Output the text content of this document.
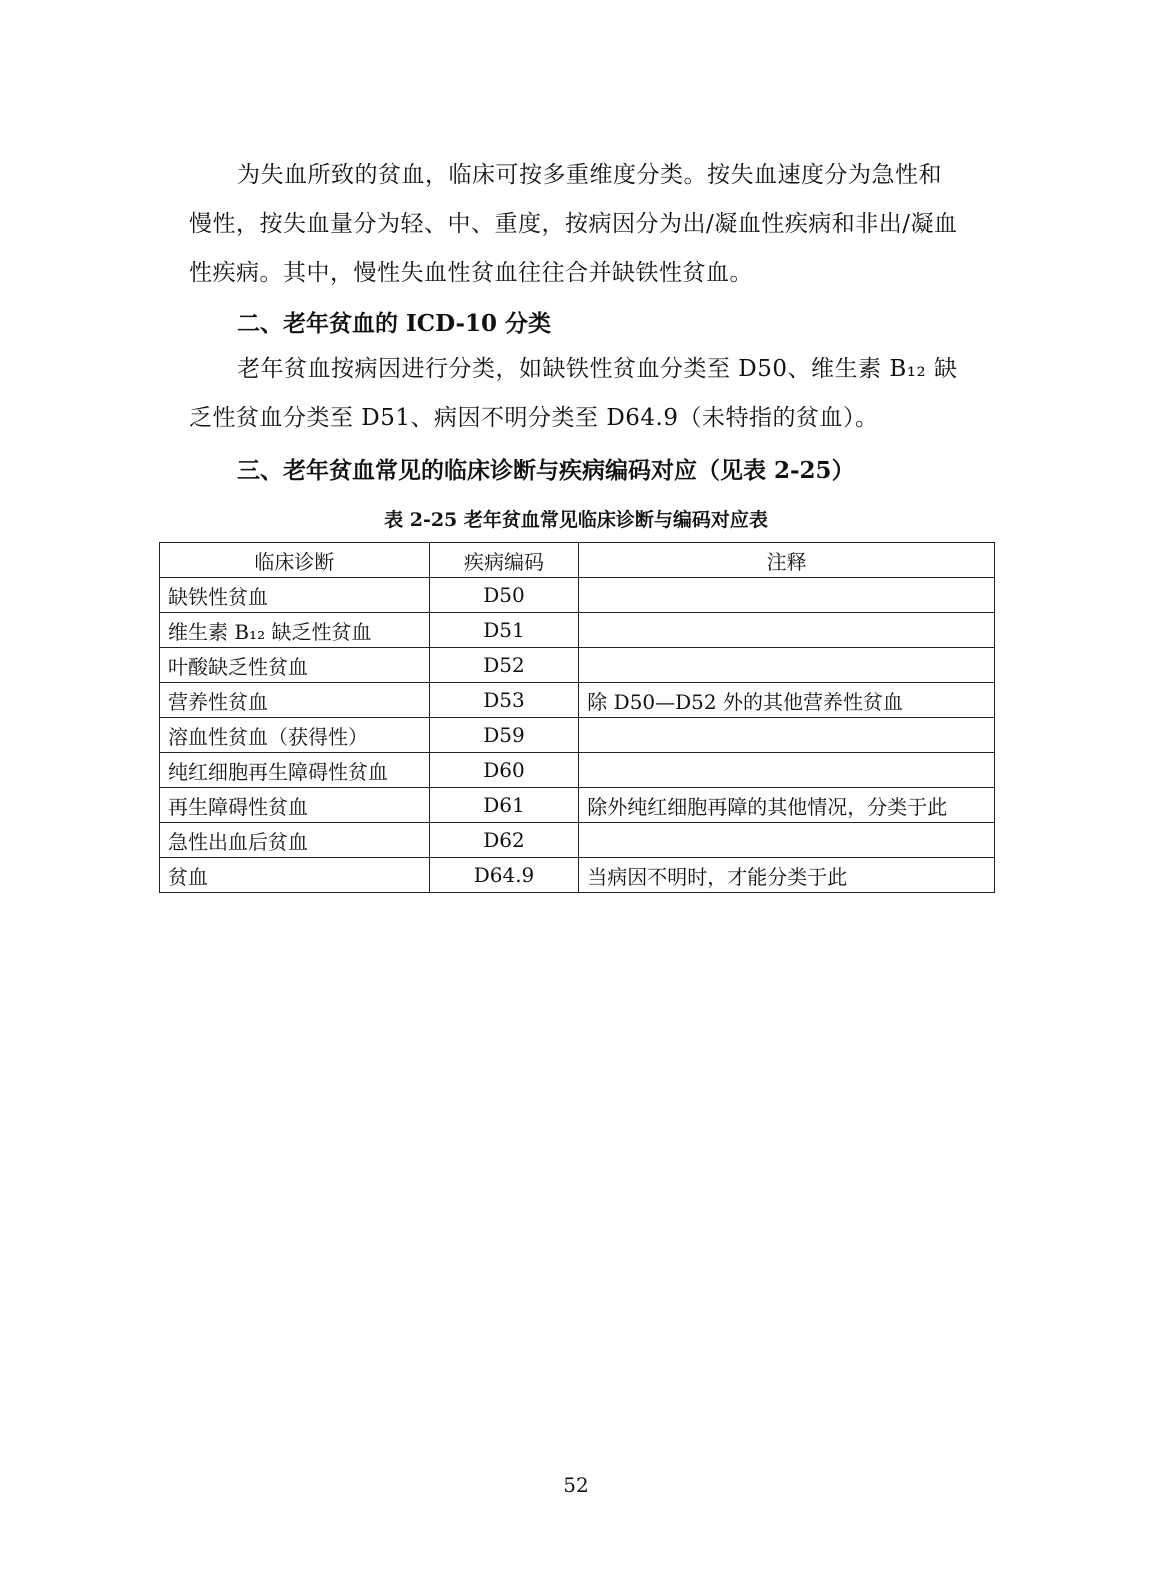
为失血所致的贫血，临床可按多重维度分类。按失血速度分为急性和慢性，按失血量分为轻、中、重度，按病因分为出/凝血性疾病和非出/凝血性疾病。其中，慢性失血性贫血往往合并缺铁性贫血。

二、老年贫血的 ICD-10 分类

老年贫血按病因进行分类，如缺铁性贫血分类至 D50、维生素 B₁₂ 缺乏性贫血分类至 D51、病因不明分类至 D64.9（未特指的贫血）。

三、老年贫血常见的临床诊断与疾病编码对应（见表 2-25）

表 2-25 老年贫血常见临床诊断与编码对应表

临床诊断	疾病编码	注释
缺铁性贫血	D50	
维生素 B₁₂ 缺乏性贫血	D51	
叶酸缺乏性贫血	D52	
营养性贫血	D53	除 D50—D52 外的其他营养性贫血
溶血性贫血（获得性）	D59	
纯红细胞再生障碍性贫血	D60	
再生障碍性贫血	D61	除外纯红细胞再障的其他情况，分类于此
急性出血后贫血	D62	
贫血	D64.9	当病因不明时，才能分类于此

52
